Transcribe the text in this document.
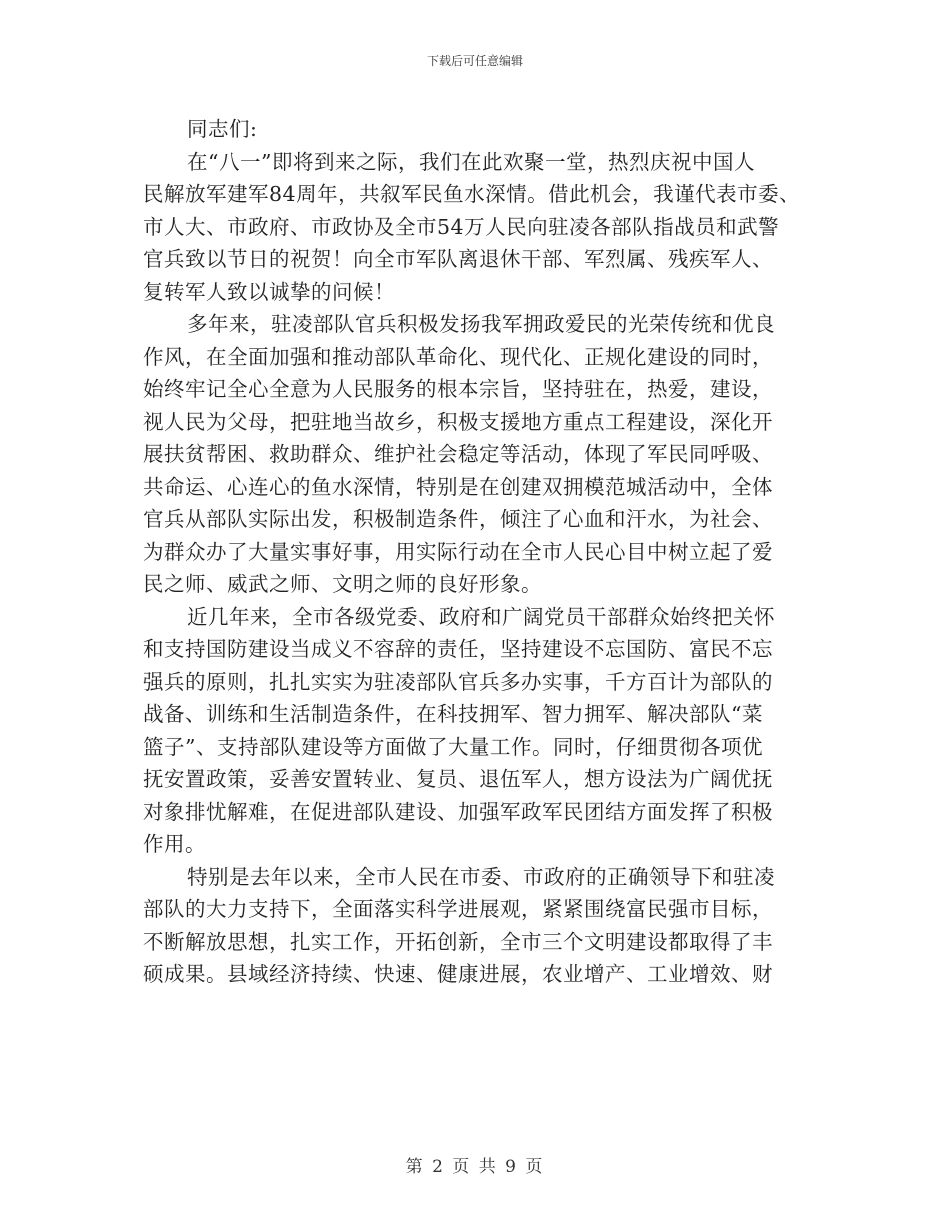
下载后可任意编辑
同志们:
在“八一”即将到来之际，我们在此欢聚一堂，热烈庆祝中国人
民解放军建军84周年，共叙军民鱼水深情。借此机会，我谨代表市委、
市人大、市政府、市政协及全市54万人民向驻凌各部队指战员和武警
官兵致以节日的祝贺！向全市军队离退休干部、军烈属、残疾军人、
复转军人致以诚挚的问候！
多年来，驻凌部队官兵积极发扬我军拥政爱民的光荣传统和优良
作风，在全面加强和推动部队革命化、现代化、正规化建设的同时，
始终牢记全心全意为人民服务的根本宗旨，坚持驻在，热爱，建设，
视人民为父母，把驻地当故乡，积极支援地方重点工程建设，深化开
展扶贫帮困、救助群众、维护社会稳定等活动，体现了军民同呼吸、
共命运、心连心的鱼水深情，特别是在创建双拥模范城活动中，全体
官兵从部队实际出发，积极制造条件，倾注了心血和汗水，为社会、
为群众办了大量实事好事，用实际行动在全市人民心目中树立起了爱
民之师、威武之师、文明之师的良好形象。
近几年来，全市各级党委、政府和广阔党员干部群众始终把关怀
和支持国防建设当成义不容辞的责任，坚持建设不忘国防、富民不忘
强兵的原则，扎扎实实为驻凌部队官兵多办实事，千方百计为部队的
战备、训练和生活制造条件，在科技拥军、智力拥军、解决部队“菜
篮子”、支持部队建设等方面做了大量工作。同时，仔细贯彻各项优
抚安置政策，妥善安置转业、复员、退伍军人，想方设法为广阔优抚
对象排忧解难，在促进部队建设、加强军政军民团结方面发挥了积极
作用。
特别是去年以来，全市人民在市委、市政府的正确领导下和驻凌
部队的大力支持下，全面落实科学进展观，紧紧围绕富民强市目标，
不断解放思想，扎实工作，开拓创新，全市三个文明建设都取得了丰
硕成果。县域经济持续、快速、健康进展，农业增产、工业增效、财
第 2 页 共 9 页
